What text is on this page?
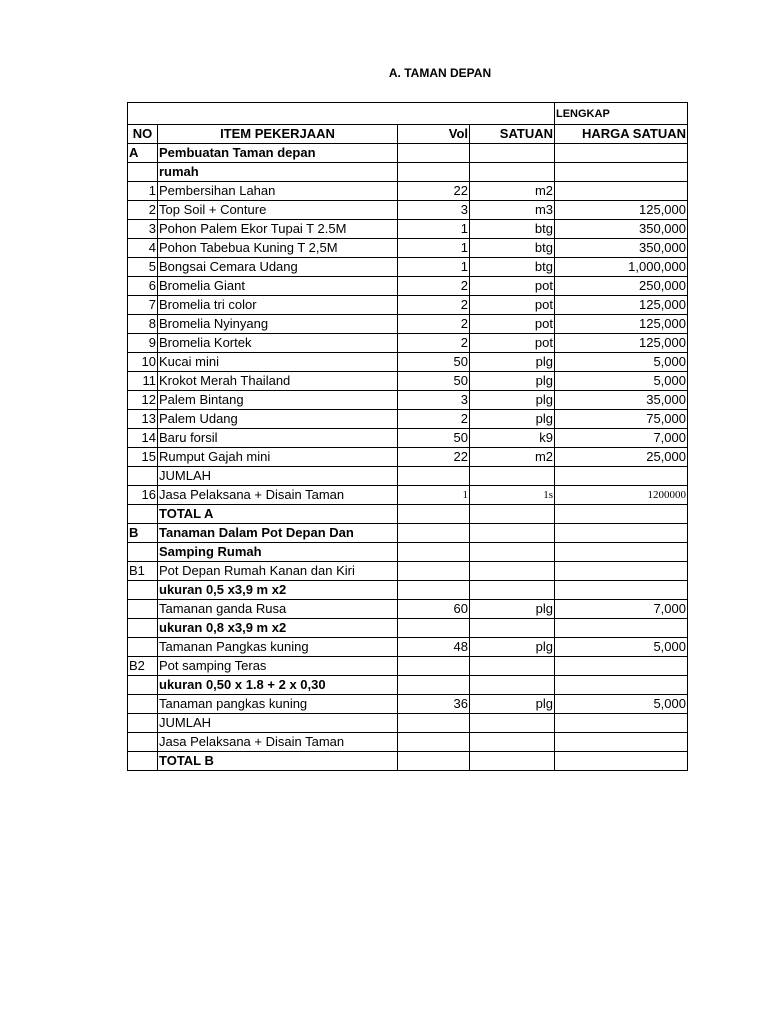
A. TAMAN DEPAN
				LENGKAP
NO	ITEM PEKERJAAN	Vol	SATUAN	HARGA SATUAN
A	Pembuatan Taman depan			
	rumah			
1	Pembersihan Lahan	22	m2	
2	Top Soil + Conture	3	m3	125,000
3	Pohon Palem Ekor Tupai T 2.5M	1	btg	350,000
4	Pohon Tabebua Kuning T 2,5M	1	btg	350,000
5	Bongsai Cemara Udang	1	btg	1,000,000
6	Bromelia Giant	2	pot	250,000
7	Bromelia tri color	2	pot	125,000
8	Bromelia Nyinyang	2	pot	125,000
9	Bromelia Kortek	2	pot	125,000
10	Kucai mini	50	plg	5,000
11	Krokot Merah Thailand	50	plg	5,000
12	Palem Bintang	3	plg	35,000
13	Palem Udang	2	plg	75,000
14	Baru forsil	50	k9	7,000
15	Rumput Gajah mini	22	m2	25,000
	JUMLAH			
16	Jasa Pelaksana + Disain Taman	1	1s	1200000
	TOTAL A			
B	Tanaman Dalam Pot Depan Dan			
	Samping Rumah			
B1	Pot Depan Rumah Kanan dan Kiri			
	ukuran 0,5 x3,9 m x2			
	Tamanan ganda Rusa	60	plg	7,000
	ukuran 0,8 x3,9 m x2			
	Tamanan Pangkas kuning	48	plg	5,000
B2	Pot samping Teras			
	ukuran 0,50 x 1.8 + 2 x 0,30			
	Tanaman pangkas kuning	36	plg	5,000
	JUMLAH			
	Jasa Pelaksana + Disain Taman			
	TOTAL B			
